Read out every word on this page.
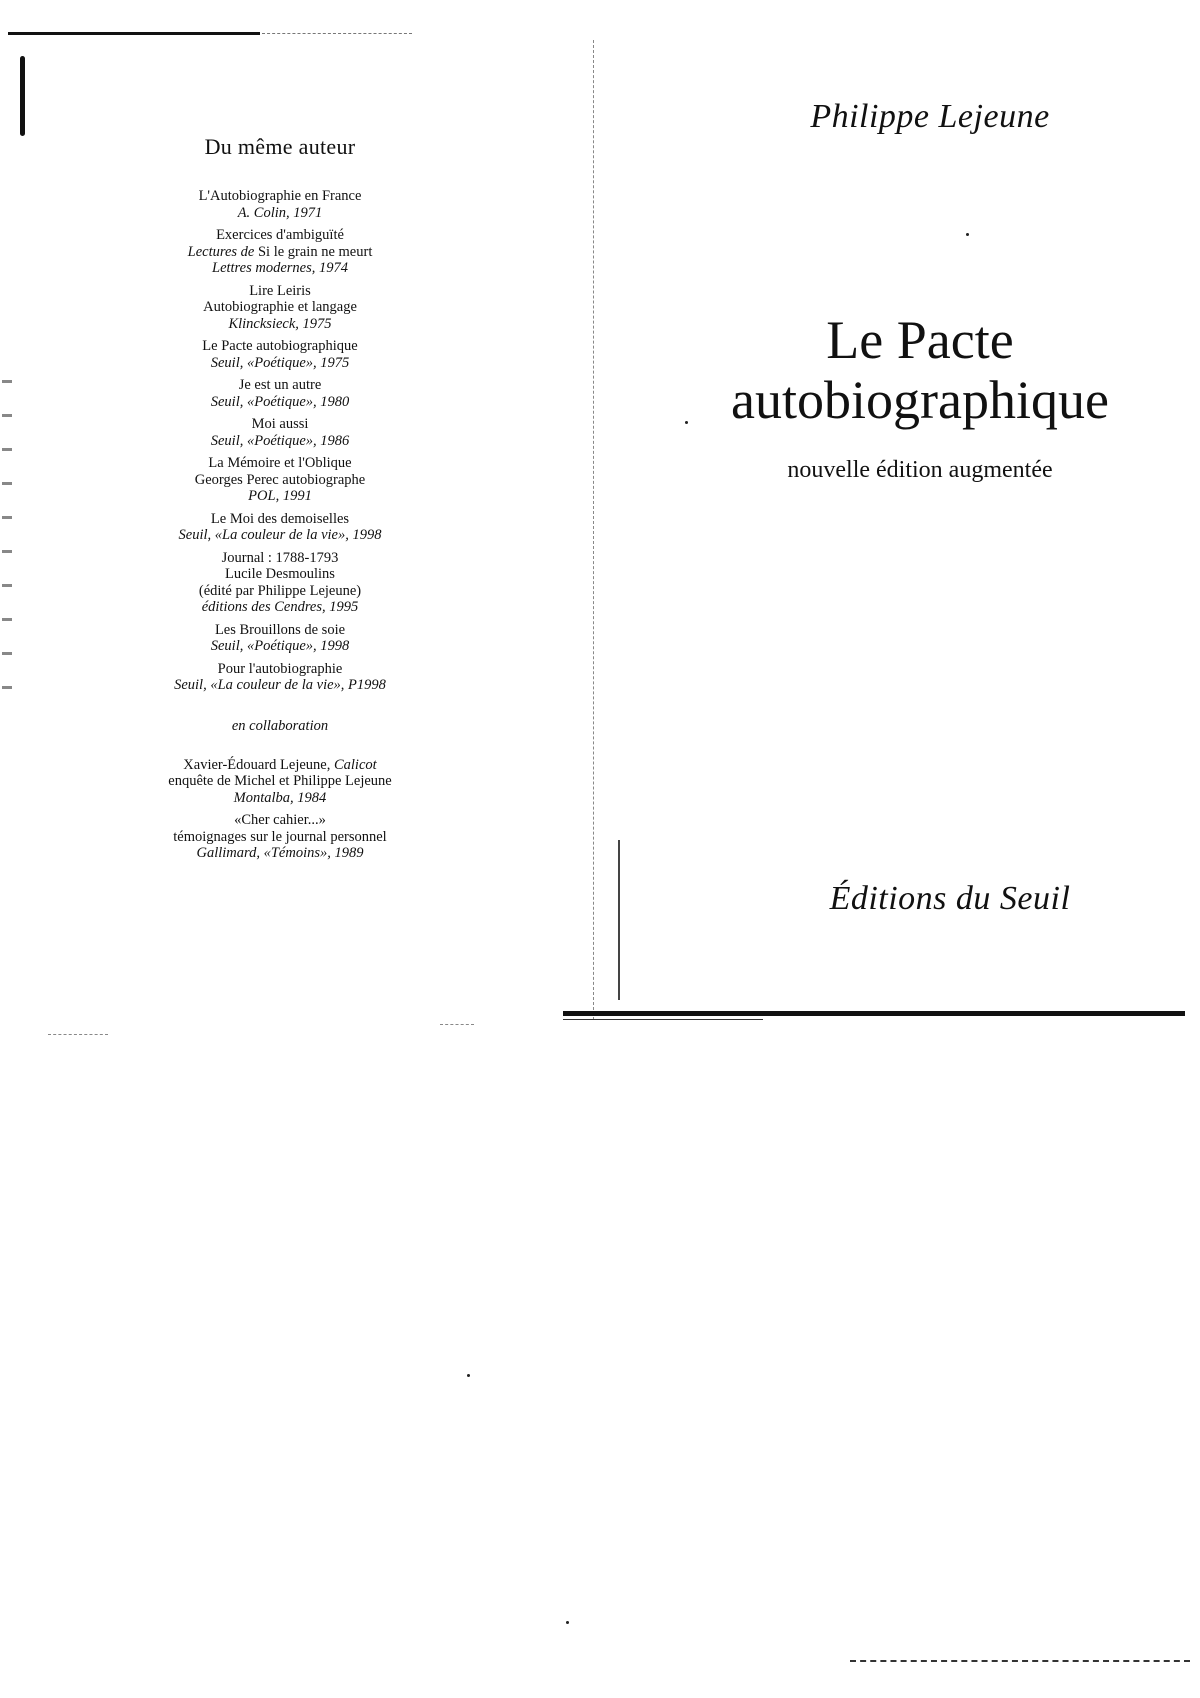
Du même auteur
L'Autobiographie en France
A. Colin, 1971
Exercices d'ambiguïté
Lectures de Si le grain ne meurt
Lettres modernes, 1974
Lire Leiris
Autobiographie et langage
Klincksieck, 1975
Le Pacte autobiographique
Seuil, «Poétique», 1975
Je est un autre
Seuil, «Poétique», 1980
Moi aussi
Seuil, «Poétique», 1986
La Mémoire et l'Oblique
Georges Perec autobiographe
POL, 1991
Le Moi des demoiselles
Seuil, «La couleur de la vie», 1998
Journal : 1788-1793
Lucile Desmoulins
(édité par Philippe Lejeune)
éditions des Cendres, 1995
Les Brouillons de soie
Seuil, «Poétique», 1998
Pour l'autobiographie
Seuil, «La couleur de la vie», P1998
en collaboration
Xavier-Édouard Lejeune, Calicot
enquête de Michel et Philippe Lejeune
Montalba, 1984
«Cher cahier...»
témoignages sur le journal personnel
Gallimard, «Témoins», 1989
Philippe Lejeune
Le Pacte
autobiographique
nouvelle édition augmentée
Éditions du Seuil
